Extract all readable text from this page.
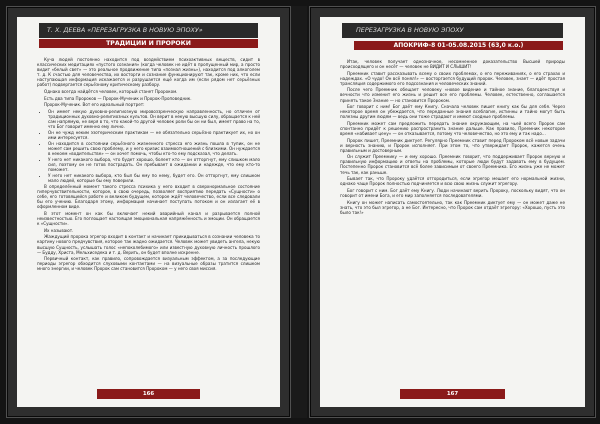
Т. Х. ДЕЕВА «ПЕРЕЗАГРУЗКА В НОВУЮ ЭПОХУ»
ТРАДИЦИИ И ПРОРОКИ

Куча людей постоянно находится под воздействием психоактивных веществ, сидит в классических медитациях «пустого сознания» (когда человек не идёт в пропущенный мир, а просто видит «белый свет» — это реальное продвижение типа «познал жизнь»), находится под алкоголем т. д. К счастью для человечества, их восторги и сознание функционируют так, кроме них, что если наступающая информация искажается и разрушается ещё когда им (если рядом нет серьёзных работ) подвергается серьёзному критическому разбору.

Однако всегда найдётся человек, который станет Пророком.

Есть два типа Пророков — Пророк-Мученик и Пророк-Проповедник.

Пророк-Мученик. Вот его идеальный портрет:

• Он имеет некую духовно-религиозную мировоззренческую направленность, но отличен от традиционных духовно-религиозных культов. Он верит в некую высшую силу, обращается к ней сам напрямую, не веря в то, что какой-то другой человек роли бы он ни был, имеет право на то, что Бог говорит именно ему лично.
• Он не чужд неким эзотерическим практикам — не обязательно серьёзно практикует их, но он ими интересуется.
• Он находится в состоянии серьёзного жизненного стресса его жизнь пошла в тупик, он не может сам решить свою проблему, и у него кризис взаимоотношений с близкими. Он нуждается в некоем «водительстве» — он хочет помочь, чтобы кто-то ему подсказал, что делать.
• У него нет никакого выбора, что будет хорошо, болеет кто — он отторгнут, ему слишком мало сил, поэтому он не готов пострадать. Он пребывает в ожидании и надежде, что ему кто-то поможет.
• У него нет никакого выбора, кто был бы ему по нему, будет его. Он отторгнут, ему слишком мало людей, которые бы ему поверили.

В определённый момент такого стресса психика у него входит в сверхнормальное состояние гиперчувствительности, которое, в свою очередь, позволяет восприятию передать «Сущности» о себе, его готовящейся работе и великом будущем, которое ждёт человечество, если все следовали бы его учению. Благодаря этому, информация начинает поступать потоком и он излагает её в оформленном виде.

В этот момент он как бы включает некий аварийный канал и разрывается полной неизвестностью. Его поглощает настоящая эмоциональная напряжённость и эмоции. Он обращается к «Сущности».

Их называют.

Жаждущий пророка эгрегор входит в контакт и начинает прикидываться в сознании человека то картину нового предчувствия, которое так жадно ожидается. Человек может увидеть ангела, некую высшую Сущность, услышать голос «непоколебимого» или известную духовную личность прошлого — Будду, Христа, Мельхиседека и т. д. Верить, он будет вполне искренне.

Первичный контакт, как правило, сопровождается визуальным эффектом, а за последующие периоды эгрегор обходится слуховыми контактами — на визуальные образы тратится слишком много энергии, и человек Пророк сам становится Пророком — у него своя миссия.

166
ПЕРЕЗАГРУЗКА В НОВУЮ ЭПОХУ
АПОКРИФ-8 01-05.08.2015 (63,0 к.о.)

Итак, человек получает однозначное, несомненное доказательство Высшей природы происходящего и он несёт — человек не ВИДИТ И СЛЫШИТ!

Преемник ставит рассказывать всему о своих проблемах, о его переживаниях, о его страхах и надеждах. «О чудо! Он всё понял!» — восторгается будущий пророк. Человек, знает — идёт простая трансляция содержимого его подсознания и человеческих знаний.

После чего Преемник обещает человеку «новое видение и тайное знание, благоденствуя и вечности что изменит его жизнь и решит все его проблемы. Человек, естественно, соглашается принять такое Знание — но становится Пророком.

Бог говорит с ним! Бог даёт ему Книгу. Сначала человек пишет книгу как бы для себя. Через некоторое время он убеждается, что переданные знания всеблагие, истинны и тайно могут быть полезны другим людям — ведь они тоже страдают и имеют сходные проблемы.

Преемник может сам предложить передать знание окружающим, на чьей всего Пророк сам спонтанно придёт к решению распространить знание дальше. Как правило, Преемник некоторое время «набивает цену» — он отказывается, потому что человечество, но это ему и так надо...

Пророк пишет, Преемник диктует. Регулярно Преемник ставит перед Пророком всё новые задачи и верность знанию, и Пророк исполняет. При этом то, что утверждает Пророк, кажется очень правильным и достоверным.

Он служит Преемнику — и ему хорошо. Преемник говорит, что поддерживает Пророк верную и правильную информацию и ответы на проблемы, которые люди будут задавать ему в будущем. Постепенно Пророк становится всё более зависимым от своего Преемника. Его жизнь уже не может течь так, как раньше.

Бывает так, что Пророку удаётся отгородиться, если эгрегор мешает его нормальной жизни, однако чаще Пророк полностью подчиняется и всю свою жизнь служит эгрегору.

Бог говорит с ним. Бог даёт ему Книгу. Люди начинают верить Пророку, поскольку видят, что он говорит от имени Бога, и его мир заполняется последователями.

Книгу он может написать самостоятельно, так как Преемник диктует ему — он может даже не знать, что это был эгрегор, а не Бог. Интересно, что Пророк сам отдаёт эгрегору: «Хорошо, пусть это было так!»

167
